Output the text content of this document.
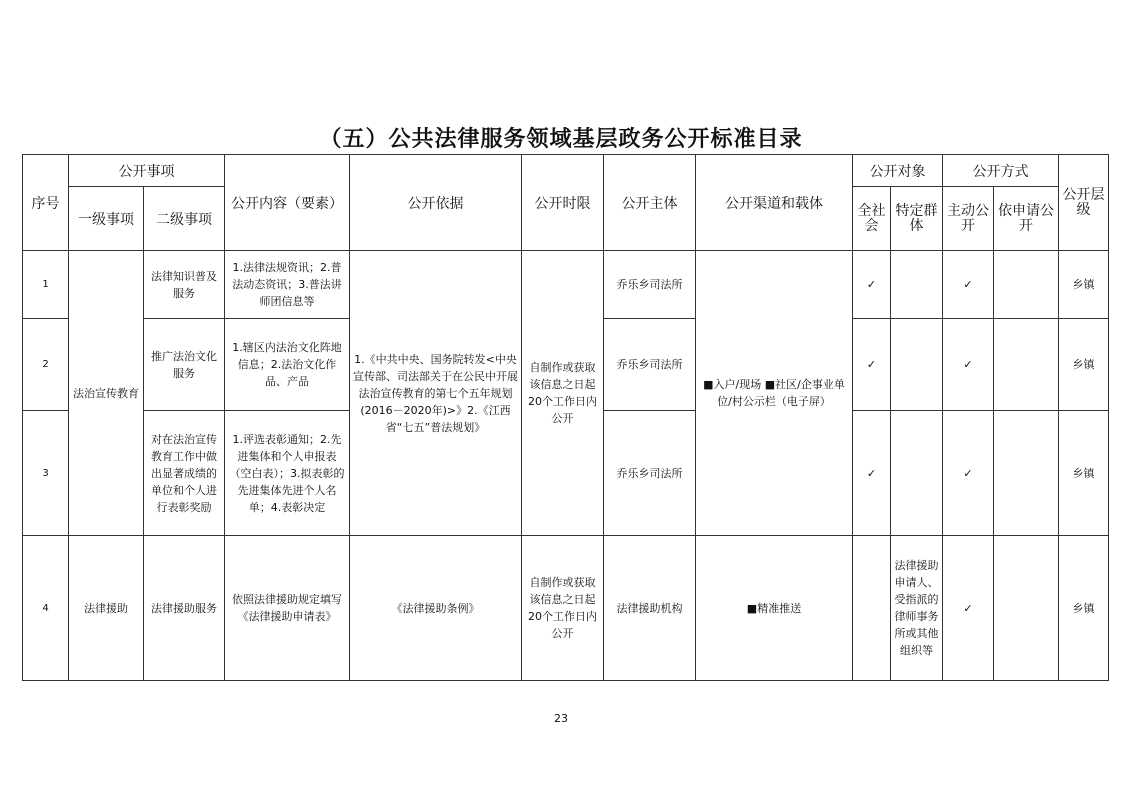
（五）公共法律服务领域基层政务公开标准目录
序号	公开事项		公开内容（要素）	公开依据	公开时限	公开主体	公开渠道和载体	公开对象		公开方式		公开层级
	一级事项	二级事项						全社会	特定群体	主动公开	依申请公开	

1	法治宣传教育	法律知识普及服务	1.法律法规资讯；2.普法动态资讯；3.普法讲师团信息等	1.《中共中央、国务院转发<中央宣传部、司法部关于在公民中开展法治宣传教育的第七个五年规划(2016－2020年)>》2.《江西省“七五”普法规划》	自制作或获取该信息之日起20个工作日内公开	乔乐乡司法所	■入户/现场 ■社区/企事业单位/村公示栏（电子屏）	✓		✓		乡镇
2		推广法治文化服务	1.辖区内法治文化阵地信息；2.法治文化作品、产品			乔乐乡司法所		✓		✓		乡镇
3		对在法治宣传教育工作中做出显著成绩的单位和个人进行表彰奖励	1.评选表彰通知；2.先进集体和个人申报表（空白表）；3.拟表彰的先进集体先进个人名单；4.表彰决定			乔乐乡司法所		✓		✓		乡镇
4	法律援助	法律援助服务	依照法律援助规定填写《法律援助申请表》	《法律援助条例》	自制作或获取该信息之日起20个工作日内公开	法律援助机构	■精准推送		法律援助申请人、受指派的律师事务所或其他组织等	✓		乡镇
23
